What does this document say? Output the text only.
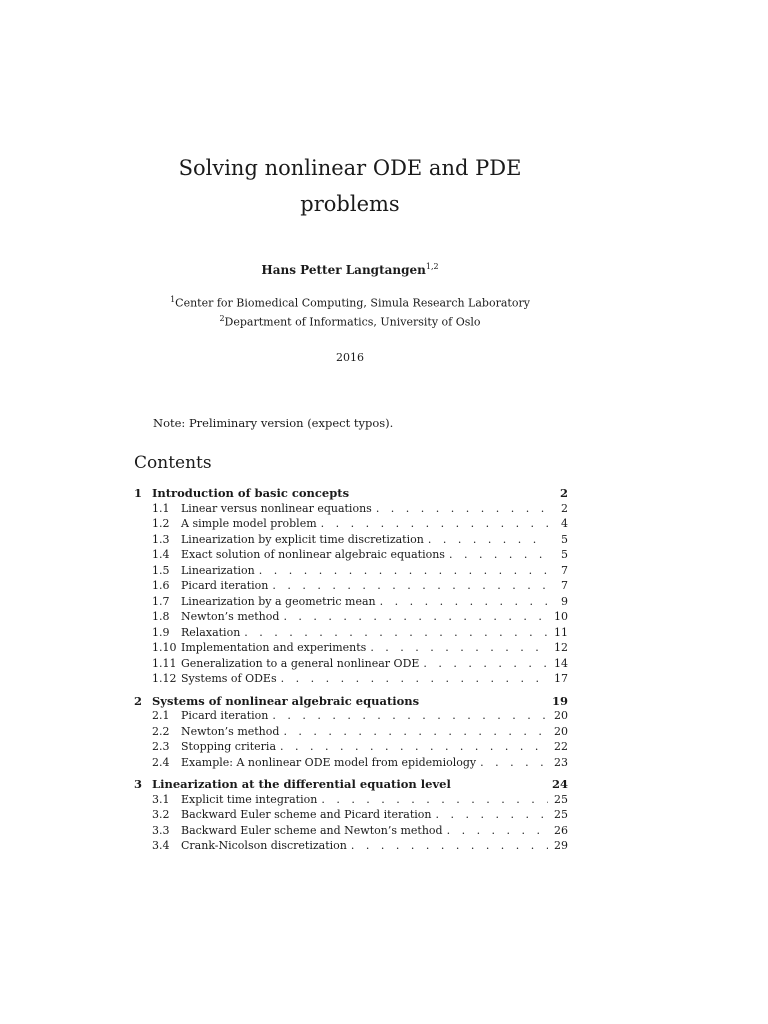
Solving nonlinear ODE and PDE
problems
Hans Petter Langtangen$^{1,2}$
$^1$Center for Biomedical Computing, Simula Research Laboratory
$^2$Department of Informatics, University of Oslo
2016
Note: Preliminary version (expect typos).
Contents
1 Introduction of basic concepts	2
1.1	Linear versus nonlinear equations . . .	2
1.2	A simple model problem . . .	4
1.3	Linearization by explicit time discretization . . .	5
1.4	Exact solution of nonlinear algebraic equations . . .	5
1.5	Linearization . . .	7
1.6	Picard iteration . . .	7
1.7	Linearization by a geometric mean . . .	9
1.8	Newton’s method . . .	10
1.9	Relaxation . . .	11
1.10 Implementation and experiments . . .	12
1.11 Generalization to a general nonlinear ODE . . .	14
1.12 Systems of ODEs . . .	17
2 Systems of nonlinear algebraic equations	19
2.1	Picard iteration . . .	20
2.2	Newton’s method . . .	20
2.3	Stopping criteria . . .	22
2.4	Example: A nonlinear ODE model from epidemiology . . .	23
3 Linearization at the differential equation level	24
3.1	Explicit time integration . . .	25
3.2	Backward Euler scheme and Picard iteration . . .	25
3.3	Backward Euler scheme and Newton’s method . . .	26
3.4	Crank-Nicolson discretization . . .	29
